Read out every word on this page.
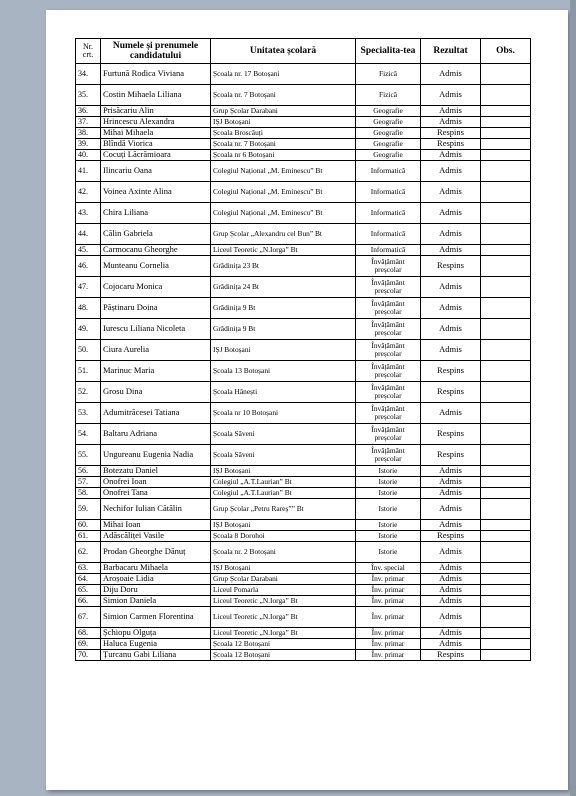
Nr. crt.	Numele și prenumele candidatului	Unitatea școlară	Specialita-tea	Rezultat	Obs.
34.	Furtună Rodica Viviana	Școala nr. 17 Botoșani	Fizică	Admis	
35.	Costin Mihaela Liliana	Școala nr. 7 Botoșani	Fizică	Admis	
36.	Prisăcariu Alin	Grup Școlar Darabani	Geografie	Admis	
37.	Hrincescu Alexandra	IȘJ Botoșani	Geografie	Admis	
38.	Mihai Mihaela	Școala Broscăuți	Geografie	Respins	
39.	Blîndă Viorica	Școala nr. 7 Botoșani	Geografie	Respins	
40.	Cocuți Lăcrămioara	Școala nr 6 Botoșani	Geografie	Admis	
41.	Ilincariu Oana	Colegiul Național „M. Eminescu” Bt	Informatică	Admis	
42.	Voinea Axinte Alina	Colegiul Național „M. Eminescu” Bt	Informatică	Admis	
43.	Chira Liliana	Colegiul Național „M. Eminescu” Bt	Informatică	Admis	
44.	Călin Gabriela	Grup Școlar „Alexandru cel Bun” Bt	Informatică	Admis	
45.	Carmocanu Gheorghe	Liceul Teoretic „N.Iorga” Bt	Informatică	Admis	
46.	Munteanu Cornelia	Grădinița 23 Bt	Învățământ preșcolar	Respins	
47.	Cojocaru Monica	Grădinița 24 Bt	Învățământ preșcolar	Admis	
48.	Păștinaru Doina	Grădinița 9 Bt	Învățământ preșcolar	Admis	
49.	Iurescu Liliana Nicoleta	Grădinița 9 Bt	Învățământ preșcolar	Admis	
50.	Ciura Aurelia	IȘJ Botoșani	Învățământ preșcolar	Admis	
51.	Marinuc Maria	Școala 13 Botoșani	Învățământ preșcolar	Respins	
52.	Grosu Dina	Școala Hănești	Învățământ preșcolar	Respins	
53.	Adumitrăcesei Tatiana	Școala nr 10 Botoșani	Învățământ preșcolar	Admis	
54.	Baltaru Adriana	Școala Săveni	Învățământ preșcolar	Respins	
55.	Ungureanu Eugenia Nadia	Școala Săveni	Învățământ preșcolar	Respins	
56.	Botezatu Daniel	IȘJ Botoșani	Istorie	Admis	
57.	Onofrei Ioan	Colegiul „A.T.Laurian” Bt	Istorie	Admis	
58.	Onofrei Tana	Colegiul „A.T.Laurian” Bt	Istorie	Admis	
59.	Nechifor Iulian Cătălin	Grup Școlar „Petru Rareș”” Bt	Istorie	Admis	
60.	Mihai Ioan	IȘJ Botoșani	Istorie	Admis	
61.	Adăscăliței Vasile	Școala 8 Dorohoi	Istorie	Respins	
62.	Prodan Gheorghe Dănuț	Școala nr. 2 Botoșani	Istorie	Admis	
63.	Barbacaru Mihaela	IȘJ Botoșani	Înv. special	Admis	
64.	Aroșoaie Lidia	Grup Școlar Darabani	Înv. primar	Admis	
65.	Diju Doru	Liceul Pomarla	Înv. primar	Admis	
66.	Simion Daniela	Liceul Teoretic „N.Iorga” Bt	Înv. primar	Admis	
67.	Simion Carmen Florentina	Liceul Teoretic „N.Iorga” Bt	Înv. primar	Admis	
68.	Șchiopu Olguța	Liceul Teoretic „N.Iorga” Bt	Înv. primar	Admis	
69.	Haluca Eugenia	Școala 12 Botoșani	Înv. primar	Admis	
70.	Țurcanu Gabi Liliana	Școala 12 Botoșani	Înv. primar	Respins	
